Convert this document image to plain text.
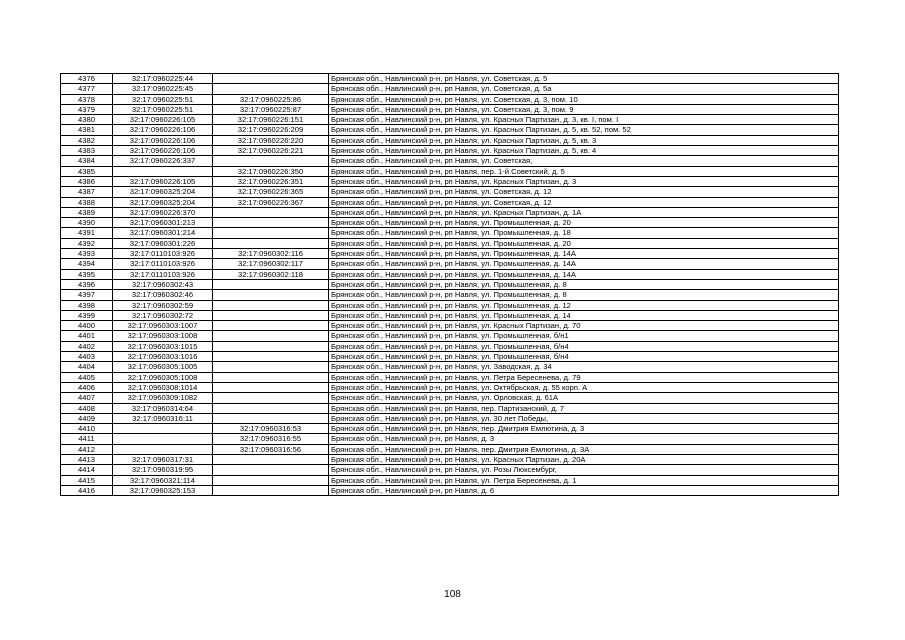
4376	32:17:0960225:44		Брянская обл., Навлинский р-н, рп Навля, ул. Советская, д. 5
4377	32:17:0960225:45		Брянская обл., Навлинский р-н, рп Навля, ул. Советская, д. 5а
4378	32:17:0960225:51	32:17:0960225:86	Брянская обл., Навлинский р-н, рп Навля, ул. Советская, д. 3, пом. 10
4379	32:17:0960225:51	32:17:0960225:87	Брянская обл., Навлинский р-н, рп Навля, ул. Советская, д. 3, пом. 9
4380	32:17:0960226:105	32:17:0960226:151	Брянская обл., Навлинский р-н, рп Навля, ул. Красных Партизан, д. 3, кв. I, пом. I
4381	32:17:0960226:106	32:17:0960226:209	Брянская обл., Навлинский р-н, рп Навля, ул. Красных Партизан, д. 5, кв. 52, пом. 52
4382	32:17:0960226:106	32:17:0960226:220	Брянская обл., Навлинский р-н, рп Навля, ул. Красных Партизан, д. 5, кв. 3
4383	32:17:0960226:106	32:17:0960226:221	Брянская обл., Навлинский р-н, рп Навля, ул. Красных Партизан, д. 5, кв. 4
4384	32:17:0960226:337		Брянская обл., Навлинский р-н, рп Навля, ул. Советская,
4385		32:17:0960226:350	Брянская обл., Навлинский р-н, рп Навля, пер. 1-й Советский, д. 5
4386	32:17:0960226:105	32:17:0960226:351	Брянская обл., Навлинский р-н, рп Навля, ул. Красных Партизан, д. 3
4387	32:17:0960325:204	32:17:0960226:365	Брянская обл., Навлинский р-н, рп Навля, ул. Советская, д. 12
4388	32:17:0960325:204	32:17:0960226:367	Брянская обл., Навлинский р-н, рп Навля, ул. Советская, д. 12
4389	32:17:0960226:370		Брянская обл., Навлинский р-н, рп Навля, ул. Красных Партизан, д. 1А
4390	32:17:0960301:213		Брянская обл., Навлинский р-н, рп Навля, ул. Промышленная, д. 20
4391	32:17:0960301:214		Брянская обл., Навлинский р-н, рп Навля, ул. Промышленная, д. 18
4392	32:17:0960301:226		Брянская обл., Навлинский р-н, рп Навля, ул. Промышленная, д. 20
4393	32:17:0110103:926	32:17:0960302:116	Брянская обл., Навлинский р-н, рп Навля, ул. Промышленная, д. 14А
4394	32:17:0110103:926	32:17:0960302:117	Брянская обл., Навлинский р-н, рп Навля, ул. Промышленная, д. 14А
4395	32:17:0110103:926	32:17:0960302:118	Брянская обл., Навлинский р-н, рп Навля, ул. Промышленная, д. 14А
4396	32:17:0960302:43		Брянская обл., Навлинский р-н, рп Навля, ул. Промышленная, д. 8
4397	32:17:0960302:46		Брянская обл., Навлинский р-н, рп Навля, ул. Промышленная, д. 8
4398	32:17:0960302:59		Брянская обл., Навлинский р-н, рп Навля, ул. Промышленная, д. 12
4399	32:17:0960302:72		Брянская обл., Навлинский р-н, рп Навля, ул. Промышленная, д. 14
4400	32:17:0960303:1007		Брянская обл., Навлинский р-н, рп Навля, ул. Красных Партизан, д. 70
4401	32:17:0960303:1008		Брянская обл., Навлинский р-н, рп Навля, ул. Промышленная, б/н1
4402	32:17:0960303:1015		Брянская обл., Навлинский р-н, рп Навля, ул. Промышленная, б/н4
4403	32:17:0960303:1016		Брянская обл., Навлинский р-н, рп Навля, ул. Промышленная, б/н4
4404	32:17:0960305:1005		Брянская обл., Навлинский р-н, рп Навля, ул. Заводская, д. 34
4405	32:17:0960305:1008		Брянская обл., Навлинский р-н, рп Навля, ул. Петра Бересенева, д. 79
4406	32:17:0960308:1014		Брянская обл., Навлинский р-н, рп Навля, ул. Октябрьская, д. 55 корп. А
4407	32:17:0960309:1082		Брянская обл., Навлинский р-н, рп Навля, ул. Орловская, д. 61А
4408	32:17:0960314:64		Брянская обл., Навлинский р-н, рп Навля, пер. Партизанский, д. 7
4409	32:17:0960316:11		Брянская обл., Навлинский р-н, рп Навля, ул. 30 лет Победы,
4410		32:17:0960316:53	Брянская обл., Навлинский р-н, рп Навля, пер. Дмитрия Емлютина, д. 3
4411		32:17:0960316:55	Брянская обл., Навлинский р-н, рп Навля, д. 3
4412		32:17:0960316:56	Брянская обл., Навлинский р-н, рп Навля, пер. Дмитрия Емлютина, д. 3А
4413	32:17:0960317:31		Брянская обл., Навлинский р-н, рп Навля, ул. Красных Партизан, д. 20А
4414	32:17:0960319:95		Брянская обл., Навлинский р-н, рп Навля, ул. Розы Люксембург,
4415	32:17:0960321:114		Брянская обл., Навлинский р-н, рп Навля, ул. Петра Бересенева, д. 1
4416	32:17:0960325:153		Брянская обл., Навлинский р-н, рп Навля, д. 6
108
